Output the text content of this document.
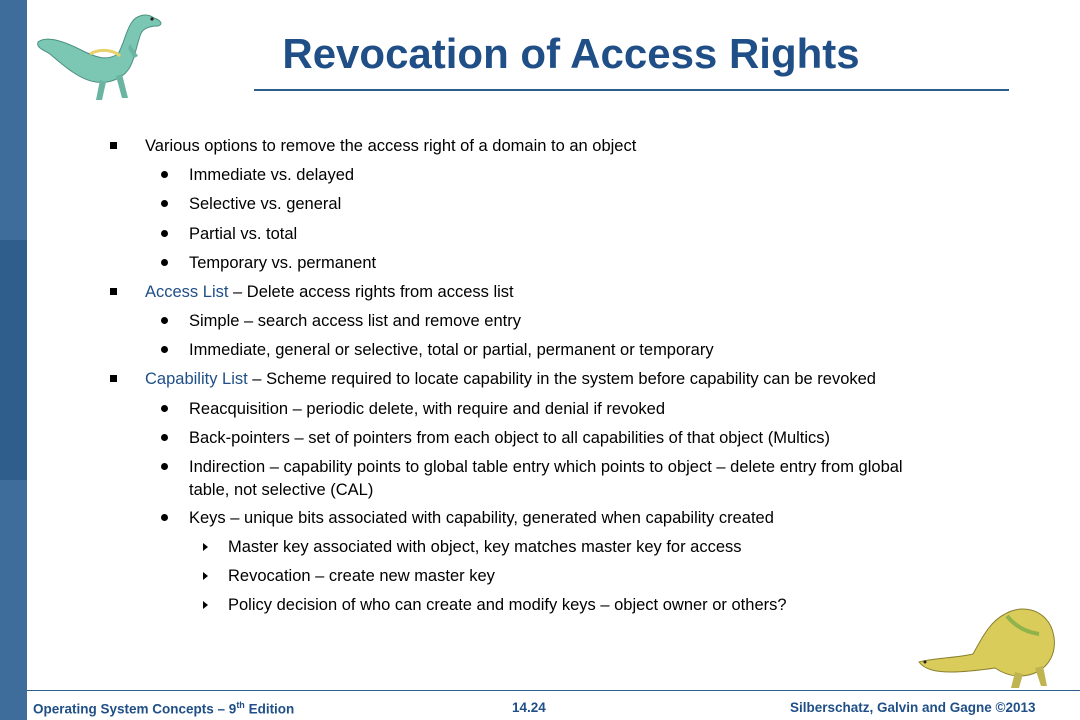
Revocation of Access Rights
Various options to remove the access right of a domain to an object
Immediate vs. delayed
Selective vs. general
Partial vs. total
Temporary vs. permanent
Access List – Delete access rights from access list
Simple – search access list and remove entry
Immediate, general or selective, total or partial, permanent or temporary
Capability List – Scheme required to locate capability in the system before capability can be revoked
Reacquisition – periodic delete, with require and denial if revoked
Back-pointers – set of pointers from each object to all capabilities of that object (Multics)
Indirection – capability points to global table entry which points to object – delete entry from global
table, not selective (CAL)
Keys – unique bits associated with capability, generated when capability created
Master key associated with object, key matches master key for access
Revocation – create new master key
Policy decision of who can create and modify keys – object owner or others?
Operating System Concepts – 9th Edition	14.24	Silberschatz, Galvin and Gagne ©2013
